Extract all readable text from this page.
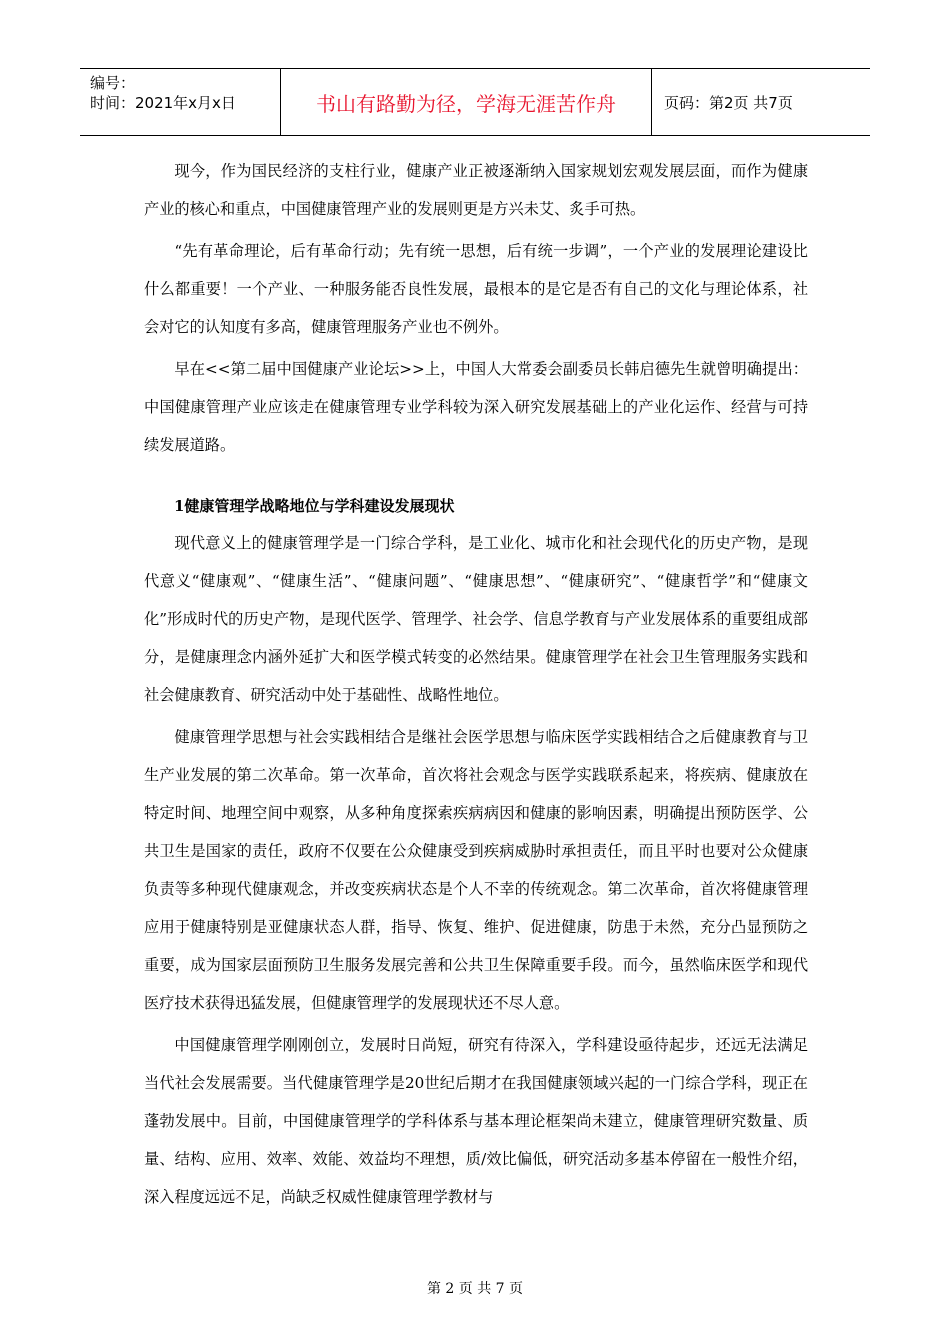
编号：
时间：2021年x月x日	书山有路勤为径，学海无涯苦作舟	页码：第2页 共7页

现今，作为国民经济的支柱行业，健康产业正被逐渐纳入国家规划宏观发展层面，而作为健康产业的核心和重点，中国健康管理产业的发展则更是方兴未艾、炙手可热。

“先有革命理论，后有革命行动；先有统一思想，后有统一步调”，一个产业的发展理论建设比什么都重要！一个产业、一种服务能否良性发展，最根本的是它是否有自己的文化与理论体系，社会对它的认知度有多高，健康管理服务产业也不例外。

早在<<第二届中国健康产业论坛>>上，中国人大常委会副委员长韩启德先生就曾明确提出：中国健康管理产业应该走在健康管理专业学科较为深入研究发展基础上的产业化运作、经营与可持续发展道路。

1健康管理学战略地位与学科建设发展现状

现代意义上的健康管理学是一门综合学科，是工业化、城市化和社会现代化的历史产物，是现代意义“健康观”、“健康生活”、“健康问题”、“健康思想”、“健康研究”、“健康哲学”和“健康文化”形成时代的历史产物，是现代医学、管理学、社会学、信息学教育与产业发展体系的重要组成部分，是健康理念内涵外延扩大和医学模式转变的必然结果。健康管理学在社会卫生管理服务实践和社会健康教育、研究活动中处于基础性、战略性地位。

健康管理学思想与社会实践相结合是继社会医学思想与临床医学实践相结合之后健康教育与卫生产业发展的第二次革命。第一次革命，首次将社会观念与医学实践联系起来，将疾病、健康放在特定时间、地理空间中观察，从多种角度探索疾病病因和健康的影响因素，明确提出预防医学、公共卫生是国家的责任，政府不仅要在公众健康受到疾病威胁时承担责任，而且平时也要对公众健康负责等多种现代健康观念，并改变疾病状态是个人不幸的传统观念。第二次革命，首次将健康管理应用于健康特别是亚健康状态人群，指导、恢复、维护、促进健康，防患于未然，充分凸显预防之重要，成为国家层面预防卫生服务发展完善和公共卫生保障重要手段。而今，虽然临床医学和现代医疗技术获得迅猛发展，但健康管理学的发展现状还不尽人意。

中国健康管理学刚刚创立，发展时日尚短，研究有待深入，学科建设亟待起步，还远无法满足当代社会发展需要。当代健康管理学是20世纪后期才在我国健康领域兴起的一门综合学科，现正在蓬勃发展中。目前，中国健康管理学的学科体系与基本理论框架尚未建立，健康管理研究数量、质量、结构、应用、效率、效能、效益均不理想，质/效比偏低，研究活动多基本停留在一般性介绍，深入程度远远不足，尚缺乏权威性健康管理学教材与

第 2 页 共 7 页
